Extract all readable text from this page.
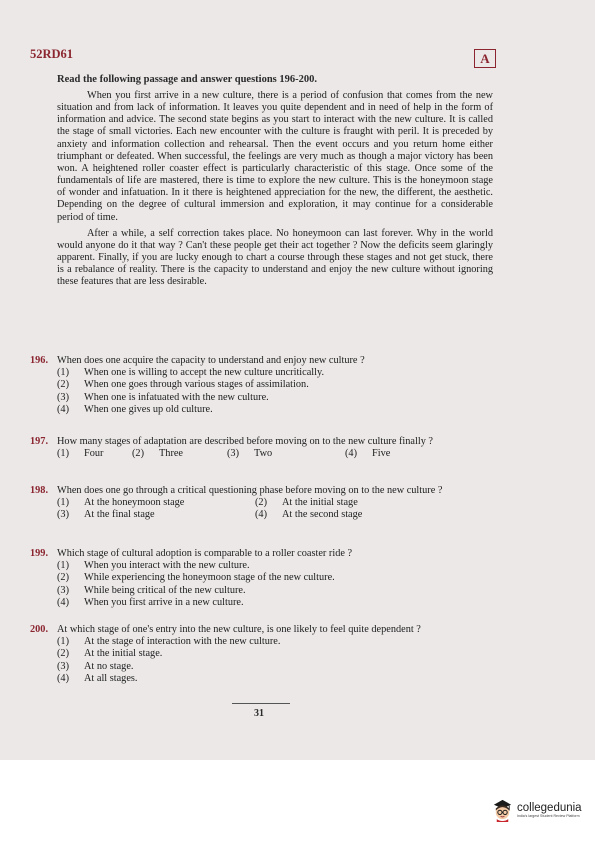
52RD61	A
Read the following passage and answer questions 196-200.

When you first arrive in a new culture, there is a period of confusion that comes from the new situation and from lack of information. It leaves you quite dependent and in need of help in the form of information and advice. The second state begins as you start to interact with the new culture. It is called the stage of small victories. Each new encounter with the culture is fraught with peril. It is preceded by anxiety and information collection and rehearsal. Then the event occurs and you return home either triumphant or defeated. When successful, the feelings are very much as though a major victory has been won. A heightened roller coaster effect is particularly characteristic of this stage. Once some of the fundamentals of life are mastered, there is time to explore the new culture. This is the honeymoon stage of wonder and infatuation. In it there is heightened appreciation for the new, the different, the aesthetic. Depending on the degree of cultural immersion and exploration, it may continue for a considerable period of time.

After a while, a self correction takes place. No honeymoon can last forever. Why in the world would anyone do it that way ? Can't these people get their act together ? Now the deficits seem glaringly apparent. Finally, if you are lucky enough to chart a course through these stages and not get stuck, there is a rebalance of reality. There is the capacity to understand and enjoy the new culture without ignoring these features that are less desirable.

196. When does one acquire the capacity to understand and enjoy new culture ?
(1)	When one is willing to accept the new culture uncritically.
(2)	When one goes through various stages of assimilation.
(3)	When one is infatuated with the new culture.
(4)	When one gives up old culture.
197. How many stages of adaptation are described before moving on to the new culture finally ?
(1)	Four	(2)	Three	(3)	Two	(4)	Five
198. When does one go through a critical questioning phase before moving on to the new culture ?
(1)	At the honeymoon stage	(2)	At the initial stage
(3)	At the final stage	(4)	At the second stage
199. Which stage of cultural adoption is comparable to a roller coaster ride ?
(1)	When you interact with the new culture.
(2)	While experiencing the honeymoon stage of the new culture.
(3)	While being critical of the new culture.
(4)	When you first arrive in a new culture.
200. At which stage of one's entry into the new culture, is one likely to feel quite dependent ?
(1)	At the stage of interaction with the new culture.
(2)	At the initial stage.
(3)	At no stage.
(4)	At all stages.
31
collegedunia
India's largest Student Review Platform
